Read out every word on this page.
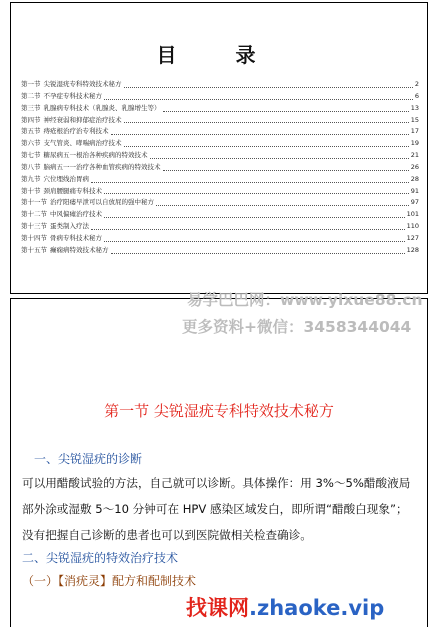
目 录
第一节 尖锐湿疣专科特效技术秘方	2
第二节 不孕症专科技术秘方	6
第三节 乳腺病专科技术（乳腺炎、乳腺增生等）	13
第四节 神经衰弱和抑郁症治疗技术	15
第五节 痔疮根治疗治专利技术	17
第六节 支气管炎、哮喘病治疗技术	19
第七节 糖尿病五一根治各种疾病的特效技术	21
第八节 脑病五一一治疗各种血管疾病的特效技术	26
第九节 穴位埋线治胃病	28
第十节 颈肩腰腿痛专科技术	91
第十一节 治疗阳痿早泄可以自放屁的强中秘方	97
第十二节 中风偏瘫治疗技术	101
第十三节 蛋类制入疗法	110
第十四节 骨病专科技术秘方	127
第十五节 癫痫病特效技术秘方	128
易学巴巴网：www.yixue88.cn
更多资料+微信：3458344044
第一节 尖锐湿疣专科特效技术秘方
一、尖锐湿疣的诊断
可以用醋酸试验的方法，自己就可以诊断。具体操作：用 3%～5%醋酸液局部外涂或湿敷 5～10 分钟可在 HPV 感染区域发白，即所谓“醋酸白现象”；没有把握自己诊断的患者也可以到医院做相关检查确诊。
二、尖锐湿疣的特效治疗技术
（一）【消疣灵】配方和配制技术
找课网.zhaoke.vip
